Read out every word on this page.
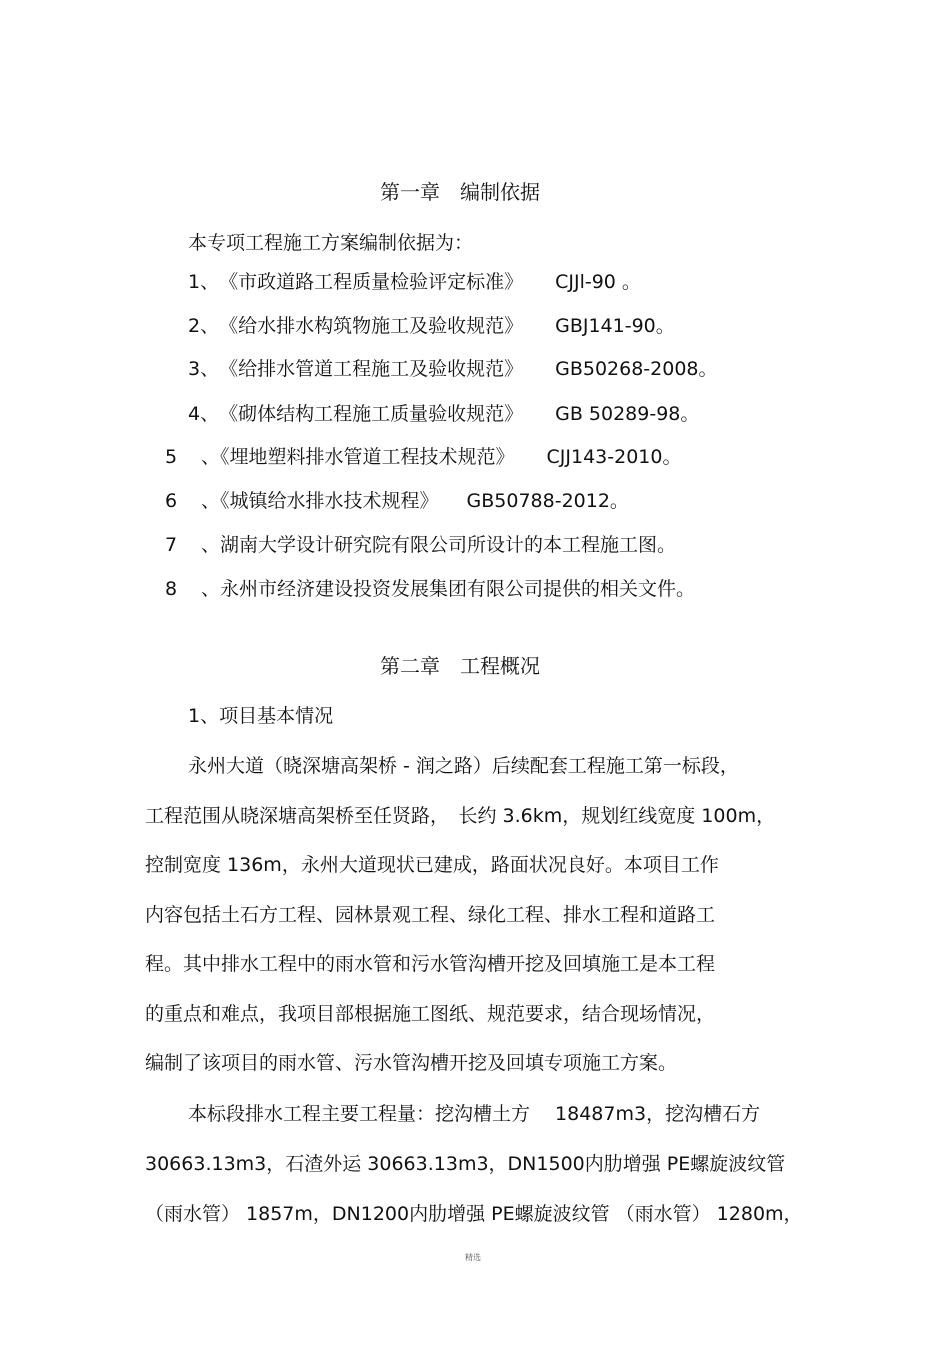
第一章　编制依据
本专项工程施工方案编制依据为：
1、《市政道路工程质量检验评定标准》 CJJl-90 。
2、《给水排水构筑物施工及验收规范》 GBJ141-90。
3、《给排水管道工程施工及验收规范》 GB50268-2008。
4、《砌体结构工程施工质量验收规范》 GB 50289-98。
5 、《埋地塑料排水管道工程技术规范》 CJJ143-2010。
6 、《城镇给水排水技术规程》 GB50788-2012。
7 、湖南大学设计研究院有限公司所设计的本工程施工图。
8 、永州市经济建设投资发展集团有限公司提供的相关文件。
第二章　工程概况
1、项目基本情况
永州大道（晓深塘高架桥 - 润之路）后续配套工程施工第一标段，
工程范围从晓深塘高架桥至任贤路，　长约 3.6km，规划红线宽度 100m，
控制宽度 136m，永州大道现状已建成，路面状况良好。本项目工作
内容包括土石方工程、园林景观工程、绿化工程、排水工程和道路工
程。其中排水工程中的雨水管和污水管沟槽开挖及回填施工是本工程
的重点和难点，我项目部根据施工图纸、规范要求，结合现场情况，
编制了该项目的雨水管、污水管沟槽开挖及回填专项施工方案。
本标段排水工程主要工程量：挖沟槽土方　 18487m3，挖沟槽石方
30663.13m3，石渣外运 30663.13m3，DN1500内肋增强 PE螺旋波纹管
（雨水管） 1857m，DN1200内肋增强 PE螺旋波纹管 （雨水管） 1280m，
精选
